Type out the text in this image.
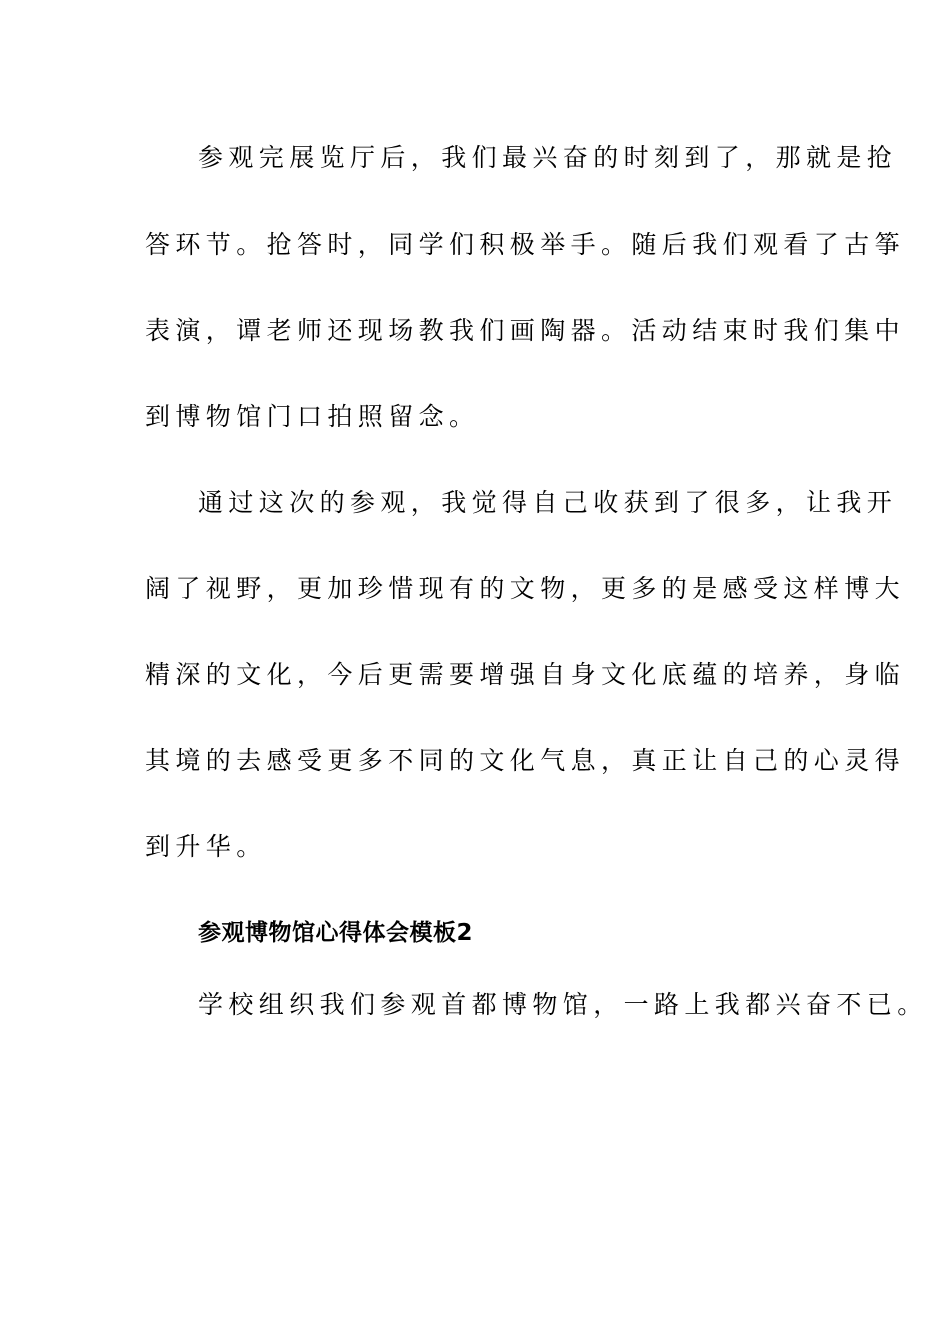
参观完展览厅后，我们最兴奋的时刻到了，那就是抢
答环节。抢答时，同学们积极举手。随后我们观看了古筝
表演，谭老师还现场教我们画陶器。活动结束时我们集中
到博物馆门口拍照留念。
通过这次的参观，我觉得自己收获到了很多，让我开
阔了视野，更加珍惜现有的文物，更多的是感受这样博大
精深的文化，今后更需要增强自身文化底蕴的培养，身临
其境的去感受更多不同的文化气息，真正让自己的心灵得
到升华。
参观博物馆心得体会模板2
学校组织我们参观首都博物馆，一路上我都兴奋不已。
